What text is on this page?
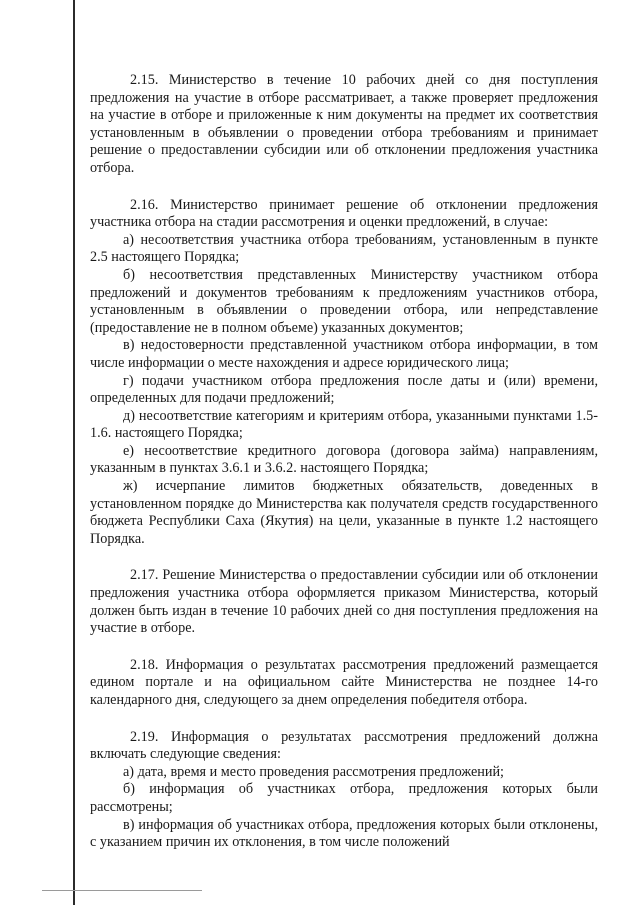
2.15. Министерство в течение 10 рабочих дней со дня поступления предложения на участие в отборе рассматривает, а также проверяет предложения на участие в отборе и приложенные к ним документы на предмет их соответствия установленным в объявлении о проведении отбора требованиям и принимает решение о предоставлении субсидии или об отклонении предложения участника отбора.

2.16. Министерство принимает решение об отклонении предложения участника отбора на стадии рассмотрения и оценки предложений, в случае:

а) несоответствия участника отбора требованиям, установленным в пункте 2.5 настоящего Порядка;

б) несоответствия представленных Министерству участником отбора предложений и документов требованиям к предложениям участников отбора, установленным в объявлении о проведении отбора, или непредставление (предоставление не в полном объеме) указанных документов;

в) недостоверности представленной участником отбора информации, в том числе информации о месте нахождения и адресе юридического лица;

г) подачи участником отбора предложения после даты и (или) времени, определенных для подачи предложений;

д) несоответствие категориям и критериям отбора, указанными пунктами 1.5-1.6. настоящего Порядка;

е) несоответствие кредитного договора (договора займа) направлениям, указанным в пунктах 3.6.1 и 3.6.2. настоящего Порядка;

ж) исчерпание лимитов бюджетных обязательств, доведенных в установленном порядке до Министерства как получателя средств государственного бюджета Республики Саха (Якутия) на цели, указанные в пункте 1.2 настоящего Порядка.

2.17. Решение Министерства о предоставлении субсидии или об отклонении предложения участника отбора оформляется приказом Министерства, который должен быть издан в течение 10 рабочих дней со дня поступления предложения на участие в отборе.

2.18. Информация о результатах рассмотрения предложений размещается едином портале и на официальном сайте Министерства не позднее 14-го календарного дня, следующего за днем определения победителя отбора.

2.19. Информация о результатах рассмотрения предложений должна включать следующие сведения:

а) дата, время и место проведения рассмотрения предложений;

б) информация об участниках отбора, предложения которых были рассмотрены;

в) информация об участниках отбора, предложения которых были отклонены, с указанием причин их отклонения, в том числе положений
